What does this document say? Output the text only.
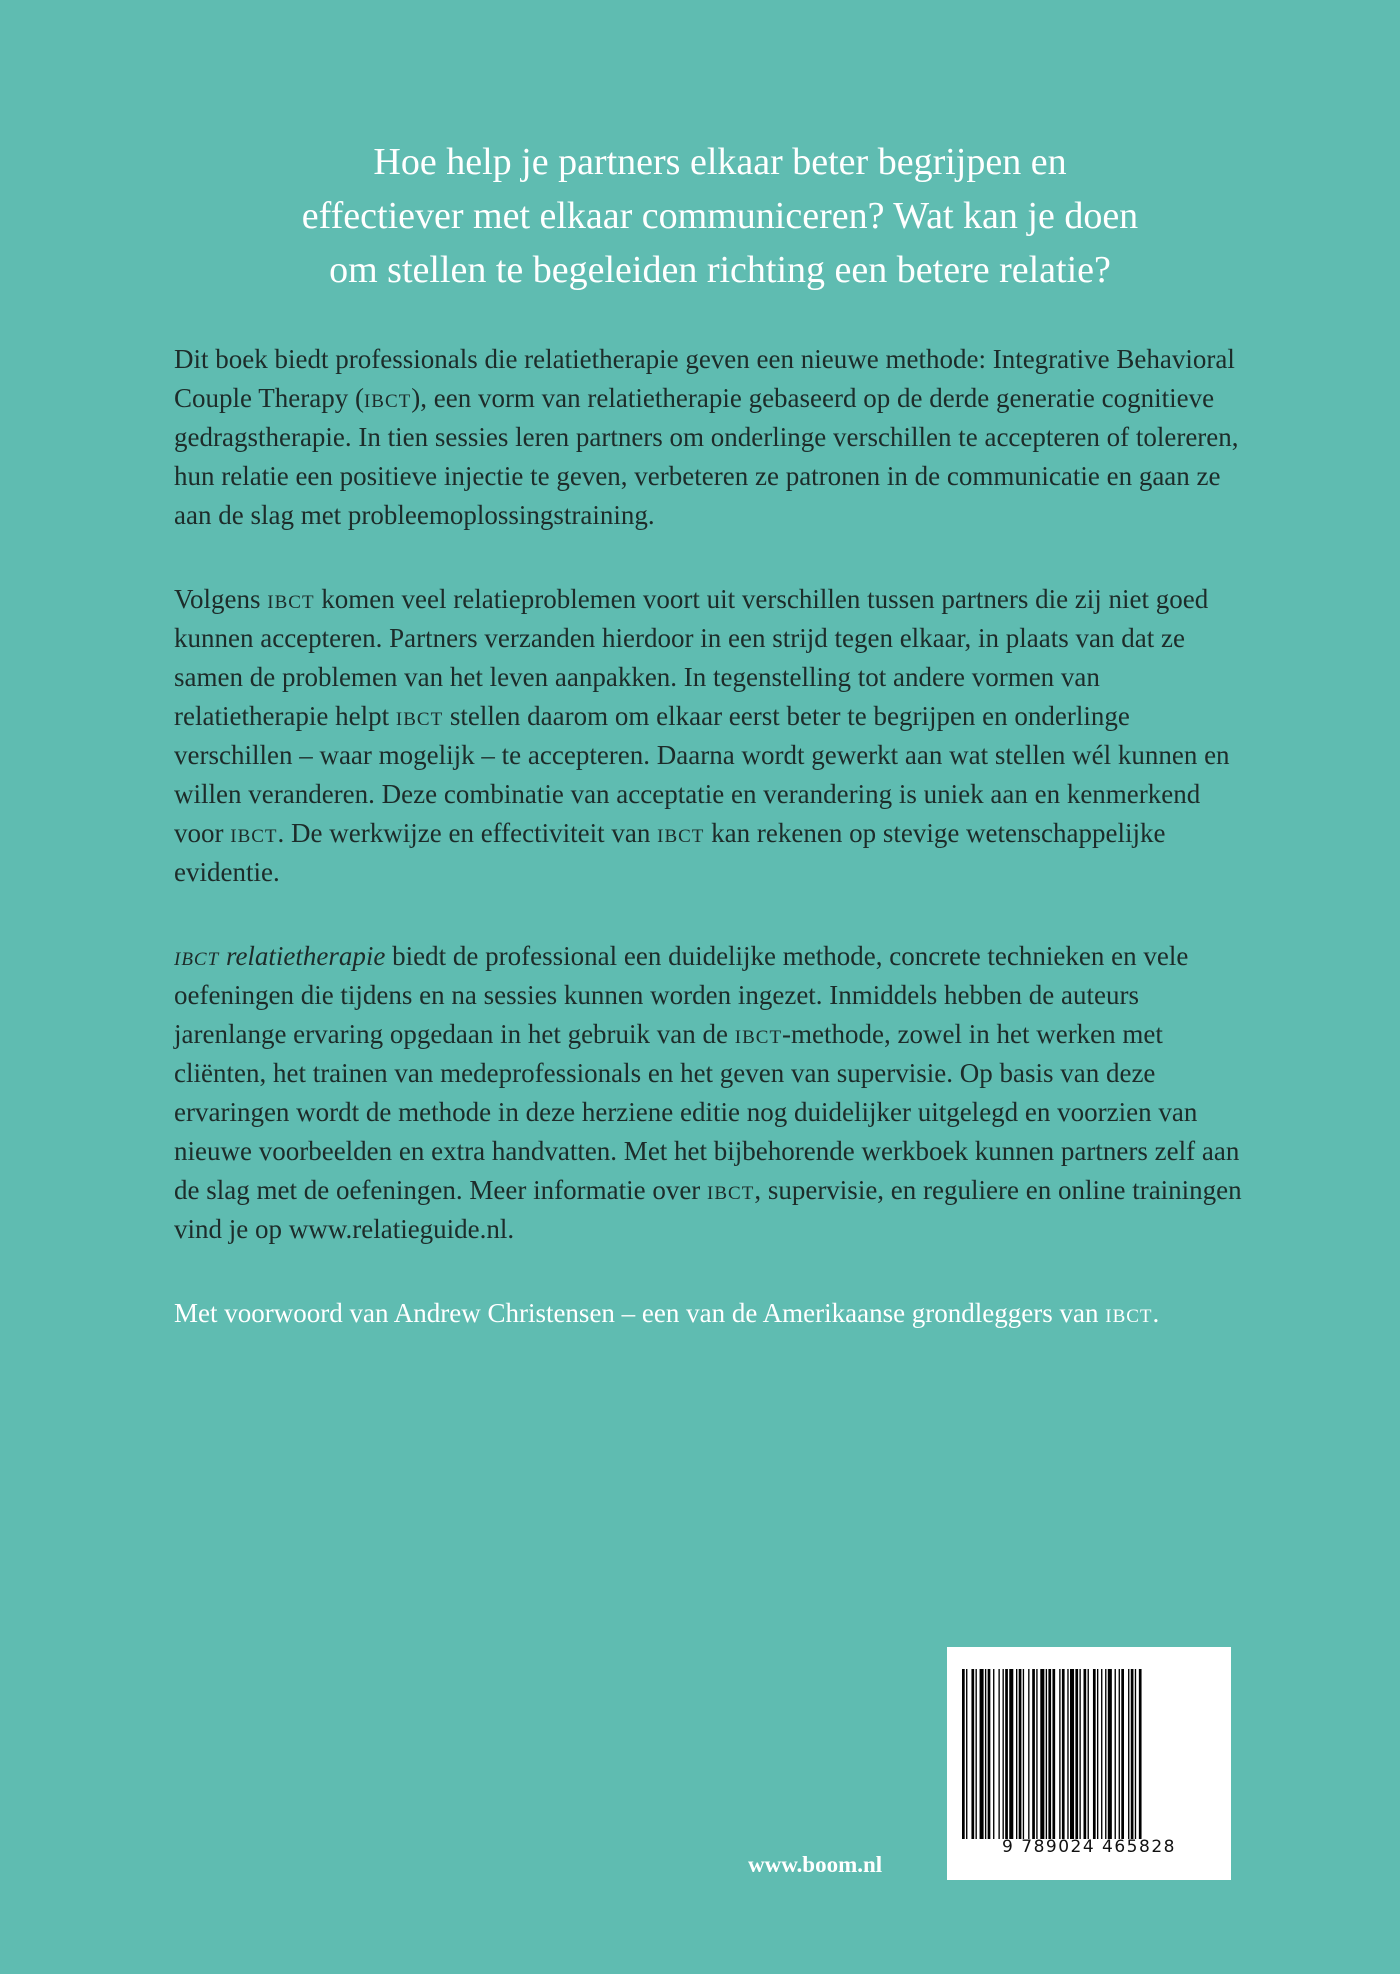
Hoe help je partners elkaar beter begrijpen en
effectiever met elkaar communiceren? Wat kan je doen
om stellen te begeleiden richting een betere relatie?

Dit boek biedt professionals die relatietherapie geven een nieuwe methode: Integrative Behavioral Couple Therapy (ibct), een vorm van relatietherapie gebaseerd op de derde generatie cognitieve gedragstherapie. In tien sessies leren partners om onderlinge verschillen te accepteren of tolereren, hun relatie een positieve injectie te geven, verbeteren ze patronen in de communicatie en gaan ze aan de slag met probleemoplossingstraining.

Volgens ibct komen veel relatieproblemen voort uit verschillen tussen partners die zij niet goed kunnen accepteren. Partners verzanden hierdoor in een strijd tegen elkaar, in plaats van dat ze samen de problemen van het leven aanpakken. In tegenstelling tot andere vormen van relatietherapie helpt ibct stellen daarom om elkaar eerst beter te begrijpen en onderlinge verschillen – waar mogelijk – te accepteren. Daarna wordt gewerkt aan wat stellen wél kunnen en willen veranderen. Deze combinatie van acceptatie en verandering is uniek aan en kenmerkend voor ibct. De werkwijze en effectiviteit van ibct kan rekenen op stevige wetenschappelijke evidentie.

ibct relatietherapie biedt de professional een duidelijke methode, concrete technieken en vele oefeningen die tijdens en na sessies kunnen worden ingezet. Inmiddels hebben de auteurs jarenlange ervaring opgedaan in het gebruik van de ibct-methode, zowel in het werken met cliënten, het trainen van medeprofessionals en het geven van supervisie. Op basis van deze ervaringen wordt de methode in deze herziene editie nog duidelijker uitgelegd en voorzien van nieuwe voorbeelden en extra handvatten. Met het bijbehorende werkboek kunnen partners zelf aan de slag met de oefeningen. Meer informatie over ibct, supervisie, en reguliere en online trainingen vind je op www.relatieguide.nl.

Met voorwoord van Andrew Christensen – een van de Amerikaanse grondleggers van ibct.

9 789024 465828

www.boom.nl
